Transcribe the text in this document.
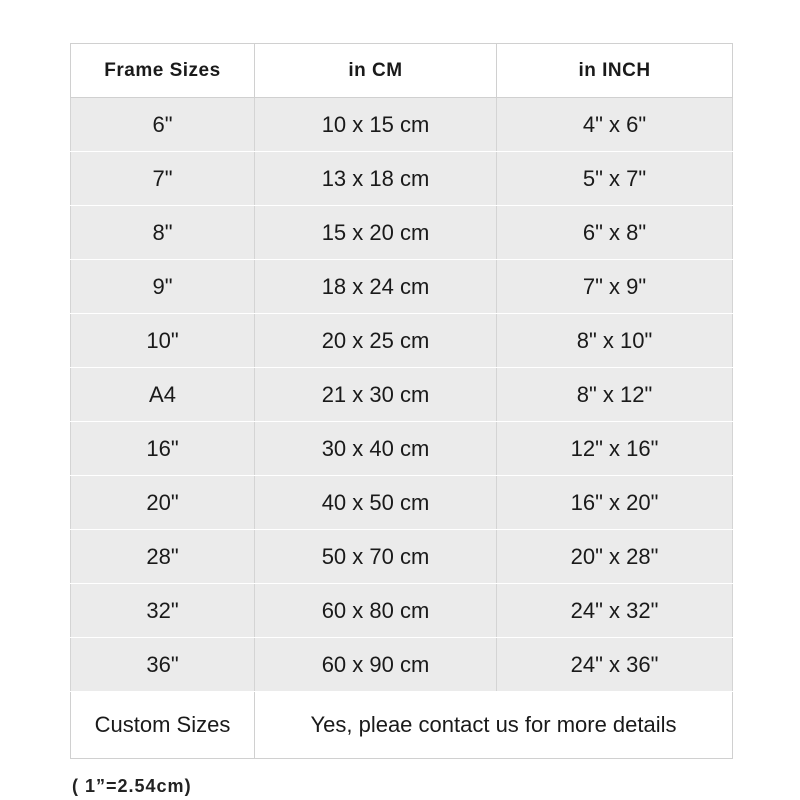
Frame Sizes	in CM	in INCH
6"	10 x 15 cm	4" x 6"
7"	13 x 18 cm	5" x 7"
8"	15 x 20 cm	6" x 8"
9"	18 x 24 cm	7" x 9"
10"	20 x 25 cm	8" x 10"
A4	21 x 30 cm	8" x 12"
16"	30 x 40 cm	12" x 16"
20"	40 x 50 cm	16" x 20"
28"	50 x 70 cm	20" x 28"
32"	60 x 80 cm	24" x 32"
36"	60 x 90 cm	24" x 36"
Custom Sizes	Yes, pleae contact us for more details	
( 1”=2.54cm)
